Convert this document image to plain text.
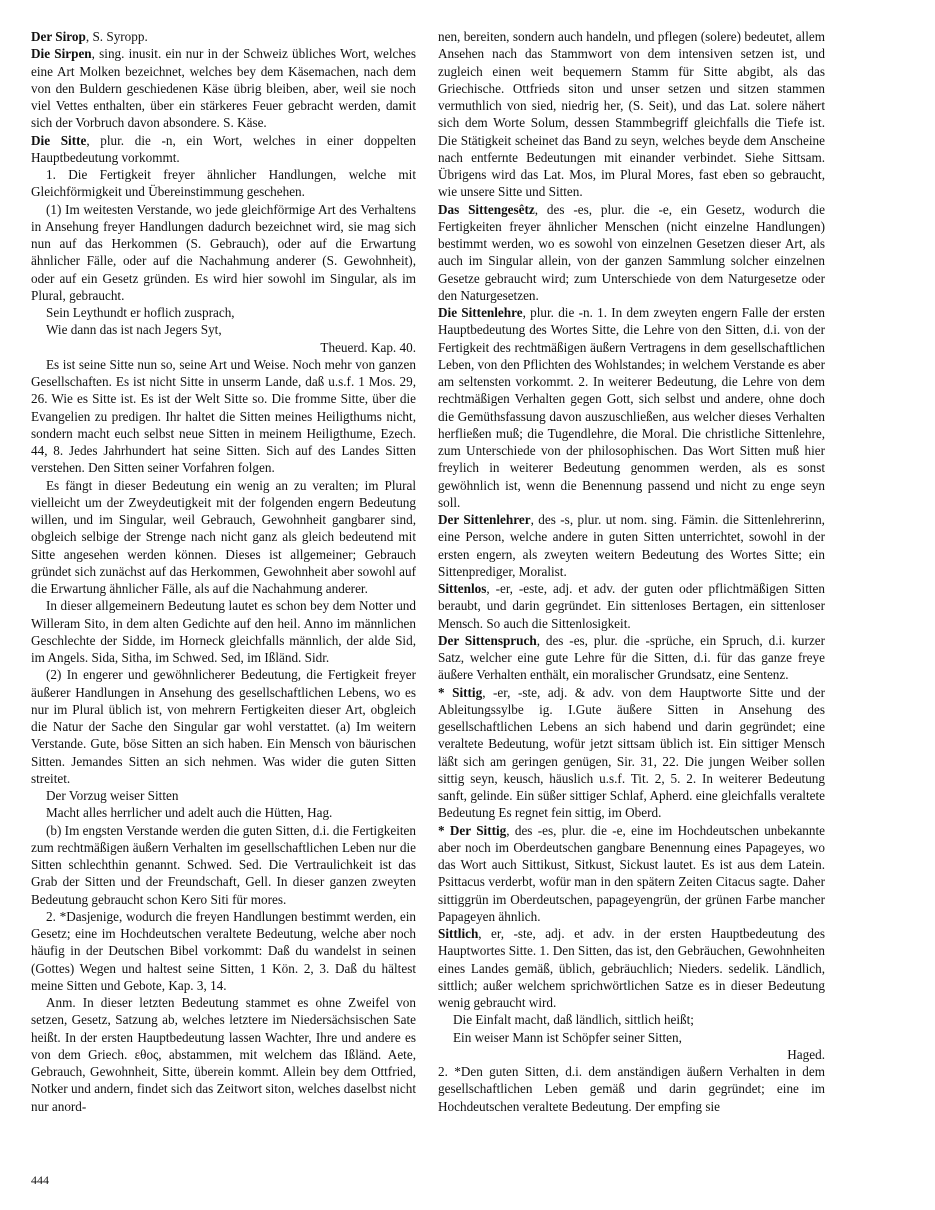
Der Sirop, S. Syropp.
Die Sirpen, sing. inusit. ein nur in der Schweiz übliches Wort, welches eine Art Molken bezeichnet, welches bey dem Käsemachen, nach dem von den Buldern geschiedenen Käse übrig bleiben, aber, weil sie noch viel Vettes enthalten, über ein stärkeres Feuer gebracht werden, damit sich der Vorbruch davon absondere. S. Käse.
Die Sitte, plur. die -n, ein Wort, welches in einer doppelten Hauptbedeutung vorkommt.
1. Die Fertigkeit freyer ähnlicher Handlungen, welche mit Gleichförmigkeit und Übereinstimmung geschehen.
(1) Im weitesten Verstande, wo jede gleichförmige Art des Verhaltens in Ansehung freyer Handlungen dadurch bezeichnet wird, sie mag sich nun auf das Herkommen (S. Gebrauch), oder auf die Erwartung ähnlicher Fälle, oder auf die Nachahmung anderer (S. Gewohnheit), oder auf ein Gesetz gründen. Es wird hier sowohl im Singular, als im Plural, gebraucht.
Sein Leythundt er hoflich zusprach,
Wie dann das ist nach Jegers Syt,
Theuerd. Kap. 40.
Es ist seine Sitte nun so, seine Art und Weise. Noch mehr von ganzen Gesellschaften. Es ist nicht Sitte in unserm Lande, daß u.s.f. 1 Mos. 29, 26. Wie es Sitte ist. Es ist der Welt Sitte so. Die fromme Sitte, über die Evangelien zu predigen. Ihr haltet die Sitten meines Heiligthums nicht, sondern macht euch selbst neue Sitten in meinem Heiligthume, Ezech. 44, 8. Jedes Jahrhundert hat seine Sitten. Sich auf des Landes Sitten verstehen. Den Sitten seiner Vorfahren folgen.
Es fängt in dieser Bedeutung ein wenig an zu veralten; im Plural vielleicht um der Zweydeutigkeit mit der folgenden engern Bedeutung willen, und im Singular, weil Gebrauch, Gewohnheit gangbarer sind, obgleich selbige der Strenge nach nicht ganz als gleich bedeutend mit Sitte angesehen werden können. Dieses ist allgemeiner; Gebrauch gründet sich zunächst auf das Herkommen, Gewohnheit aber sowohl auf die Erwartung ähnlicher Fälle, als auf die Nachahmung anderer.
In dieser allgemeinern Bedeutung lautet es schon bey dem Notter und Willeram Sito, in dem alten Gedichte auf den heil. Anno im männlichen Geschlechte der Sidde, im Horneck gleichfalls männlich, der alde Sid, im Angels. Sida, Sitha, im Schwed. Sed, im Ißländ. Sidr.
(2) In engerer und gewöhnlicherer Bedeutung, die Fertigkeit freyer äußerer Handlungen in Ansehung des gesellschaftlichen Lebens, wo es nur im Plural üblich ist, von mehrern Fertigkeiten dieser Art, obgleich die Natur der Sache den Singular gar wohl verstattet. (a) Im weitern Verstande. Gute, böse Sitten an sich haben. Ein Mensch von bäurischen Sitten. Jemandes Sitten an sich nehmen. Was wider die guten Sitten streitet.
Der Vorzug weiser Sitten
Macht alles herrlicher und adelt auch die Hütten, Hag.
(b) Im engsten Verstande werden die guten Sitten, d.i. die Fertigkeiten zum rechtmäßigen äußern Verhalten im gesellschaftlichen Leben nur die Sitten schlechthin genannt. Schwed. Sed. Die Vertraulichkeit ist das Grab der Sitten und der Freundschaft, Gell. In dieser ganzen zweyten Bedeutung gebraucht schon Kero Siti für mores.
2. *Dasjenige, wodurch die freyen Handlungen bestimmt werden, ein Gesetz; eine im Hochdeutschen veraltete Bedeutung, welche aber noch häufig in der Deutschen Bibel vorkommt: Daß du wandelst in seinen (Gottes) Wegen und haltest seine Sitten, 1 Kön. 2, 3. Daß du hältest meine Sitten und Gebote, Kap. 3, 14.
Anm. In dieser letzten Bedeutung stammet es ohne Zweifel von setzen, Gesetz, Satzung ab, welches letztere im Niedersächsischen Sate heißt. In der ersten Hauptbedeutung lassen Wachter, Ihre und andere es von dem Griech. εθος, abstammen, mit welchem das Ißländ. Aete, Gebrauch, Gewohnheit, Sitte, überein kommt. Allein bey dem Ottfried, Notker und andern, findet sich das Zeitwort siton, welches daselbst nicht nur anord-
nen, bereiten, sondern auch handeln, und pflegen (solere) bedeutet, allem Ansehen nach das Stammwort von dem intensiven setzen ist, und zugleich einen weit bequemern Stamm für Sitte abgibt, als das Griechische. Ottfrieds siton und unser setzen und sitzen stammen vermuthlich von sied, niedrig her, (S. Seit), und das Lat. solere nähert sich dem Worte Solum, dessen Stammbegriff gleichfalls die Tiefe ist. Die Stätigkeit scheinet das Band zu seyn, welches beyde dem Anscheine nach entfernte Bedeutungen mit einander verbindet. Siehe Sittsam. Übrigens wird das Lat. Mos, im Plural Mores, fast eben so gebraucht, wie unsere Sitte und Sitten.
Das Sittengesêtz, des -es, plur. die -e, ein Gesetz, wodurch die Fertigkeiten freyer ähnlicher Menschen (nicht einzelne Handlungen) bestimmt werden, wo es sowohl von einzelnen Gesetzen dieser Art, als auch im Singular allein, von der ganzen Sammlung solcher einzelnen Gesetze gebraucht wird; zum Unterschiede von dem Naturgesetze oder den Naturgesetzen.
Die Sittenlehre, plur. die -n. 1. In dem zweyten engern Falle der ersten Hauptbedeutung des Wortes Sitte, die Lehre von den Sitten, d.i. von der Fertigkeit des rechtmäßigen äußern Vertragens in dem gesellschaftlichen Leben, von den Pflichten des Wohlstandes; in welchem Verstande es aber am seltensten vorkommt. 2. In weiterer Bedeutung, die Lehre von dem rechtmäßigen Verhalten gegen Gott, sich selbst und andere, ohne doch die Gemüthsfassung davon auszuschließen, aus welcher dieses Verhalten herfließen muß; die Tugendlehre, die Moral. Die christliche Sittenlehre, zum Unterschiede von der philosophischen. Das Wort Sitten muß hier freylich in weiterer Bedeutung genommen werden, als es sonst gewöhnlich ist, wenn die Benennung passend und nicht zu enge seyn soll.
Der Sittenlehrer, des -s, plur. ut nom. sing. Fämin. die Sittenlehrerinn, eine Person, welche andere in guten Sitten unterrichtet, sowohl in der ersten engern, als zweyten weitern Bedeutung des Wortes Sitte; ein Sittenprediger, Moralist.
Sittenlos, -er, -este, adj. et adv. der guten oder pflichtmäßigen Sitten beraubt, und darin gegründet. Ein sittenloses Bertagen, ein sittenloser Mensch. So auch die Sittenlosigkeit.
Der Sittenspruch, des -es, plur. die -sprüche, ein Spruch, d.i. kurzer Satz, welcher eine gute Lehre für die Sitten, d.i. für das ganze freye äußere Verhalten enthält, ein moralischer Grundsatz, eine Sentenz.
* Sittig, -er, -ste, adj. & adv. von dem Hauptworte Sitte und der Ableitungssylbe ig. I.Gute äußere Sitten in Ansehung des gesellschaftlichen Lebens an sich habend und darin gegründet; eine veraltete Bedeutung, wofür jetzt sittsam üblich ist. Ein sittiger Mensch läßt sich am geringen genügen, Sir. 31, 22. Die jungen Weiber sollen sittig seyn, keusch, häuslich u.s.f. Tit. 2, 5. 2. In weiterer Bedeutung sanft, gelinde. Ein süßer sittiger Schlaf, Apherd. eine gleichfalls veraltete Bedeutung Es regnet fein sittig, im Oberd.
* Der Sittig, des -es, plur. die -e, eine im Hochdeutschen unbekannte aber noch im Oberdeutschen gangbare Benennung eines Papageyes, wo das Wort auch Sittikust, Sitkust, Sickust lautet. Es ist aus dem Latein. Psittacus verderbt, wofür man in den spätern Zeiten Citacus sagte. Daher sittiggrün im Oberdeutschen, papageyengrün, der grünen Farbe mancher Papageyen ähnlich.
Sittlich, er, -ste, adj. et adv. in der ersten Hauptbedeutung des Hauptwortes Sitte. 1. Den Sitten, das ist, den Gebräuchen, Gewohnheiten eines Landes gemäß, üblich, gebräuchlich; Nieders. sedelik. Ländlich, sittlich; außer welchem sprichwörtlichen Satze es in dieser Bedeutung wenig gebraucht wird.
Die Einfalt macht, daß ländlich, sittlich heißt;
Ein weiser Mann ist Schöpfer seiner Sitten,
Haged.
2. *Den guten Sitten, d.i. dem anständigen äußern Verhalten in dem gesellschaftlichen Leben gemäß und darin gegründet; eine im Hochdeutschen veraltete Bedeutung. Der empfing sie
444
